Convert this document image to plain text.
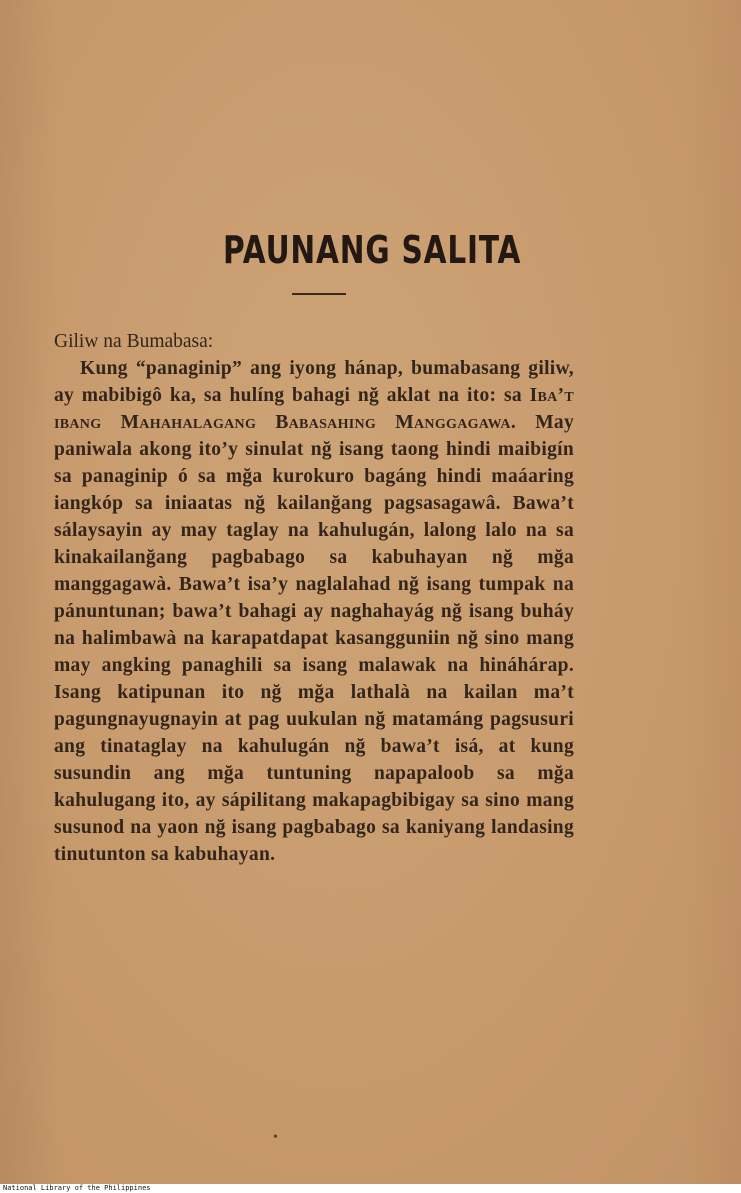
PAUNANG SALITA

Giliw na Bumabasa:

Kung “panaginip” ang iyong hánap, bumabasang giliw, ay mabibigô ka, sa hulíng bahagi nğ aklat na ito: sa Iba’t ibang Mahahalagang Babasahing Manggagawa. May paniwala akong ito’y sinulat nğ isang taong hindi maibigín sa panaginip ó sa mğa kurokuro bagáng hindi maáaring iangkóp sa iniaatas nğ kailanğang pagsasagawâ. Bawa’t sálaysayin ay may taglay na kahulugán, lalong lalo na sa kinakailanğang pagbabago sa kabuhayan nğ mğa manggagawà. Bawa’t isa’y naglalahad nğ isang tumpak na pánuntunan; bawa’t bahagi ay naghahayág nğ isang buháy na halimbawà na karapatdapat kasangguniin nğ sino mang may angking panaghili sa isang malawak na hináhárap. Isang katipunan ito nğ mğa lathalà na kailan ma’t pagungnayugnayin at pag uukulan nğ matamáng pagsusuri ang tinataglay na kahulugán nğ bawa’t isá, at kung susundin ang mğa tuntuning napapaloob sa mğa kahulugang ito, ay sápilitang makapagbibigay sa sino mang susunod na yaon nğ isang pagbabago sa kaniyang landasing tinutunton sa kabuhayan.

•
National Library of the Philippines
